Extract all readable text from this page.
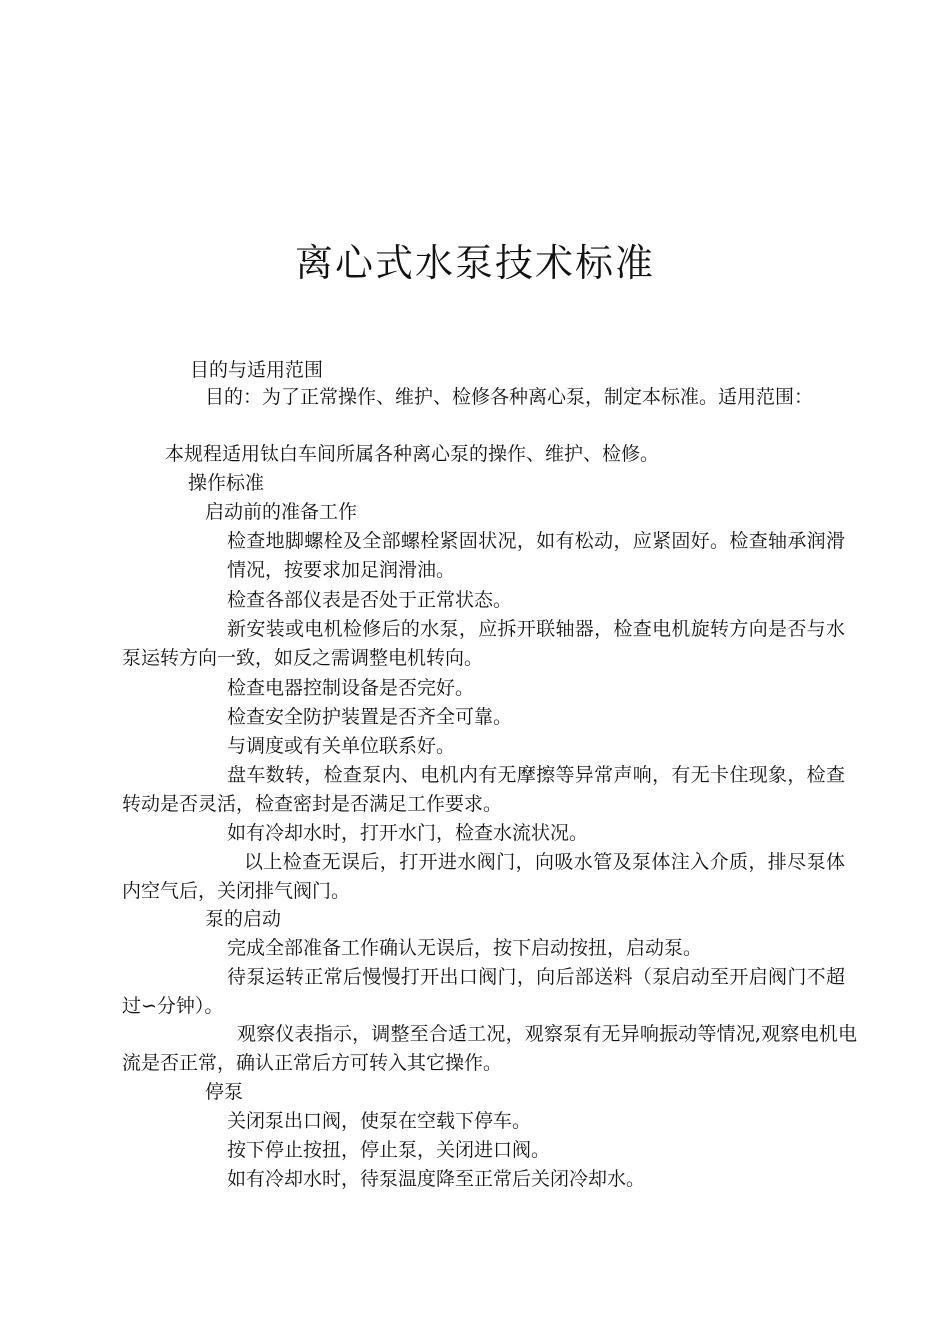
离心式水泵技术标准
目的与适用范围
目的：为了正常操作、维护、检修各种离心泵，制定本标准。适用范围：
本规程适用钛白车间所属各种离心泵的操作、维护、检修。
操作标准
启动前的准备工作
检查地脚螺栓及全部螺栓紧固状况，如有松动，应紧固好。检查轴承润滑情况，按要求加足润滑油。
检查各部仪表是否处于正常状态。
新安装或电机检修后的水泵，应拆开联轴器，检查电机旋转方向是否与水泵运转方向一致，如反之需调整电机转向。
检查电器控制设备是否完好。
检查安全防护装置是否齐全可靠。
与调度或有关单位联系好。
盘车数转，检查泵内、电机内有无摩擦等异常声响，有无卡住现象，检查转动是否灵活，检查密封是否满足工作要求。
如有冷却水时，打开水门，检查水流状况。
以上检查无误后，打开进水阀门，向吸水管及泵体注入介质，排尽泵体内空气后，关闭排气阀门。
泵的启动
完成全部准备工作确认无误后，按下启动按扭，启动泵。
待泵运转正常后慢慢打开出口阀门，向后部送料（泵启动至开启阀门不超过∽分钟）。
观察仪表指示，调整至合适工况，观察泵有无异响振动等情况,观察电机电流是否正常，确认正常后方可转入其它操作。
停泵
关闭泵出口阀，使泵在空载下停车。
按下停止按扭，停止泵，关闭进口阀。
如有冷却水时，待泵温度降至正常后关闭冷却水。
